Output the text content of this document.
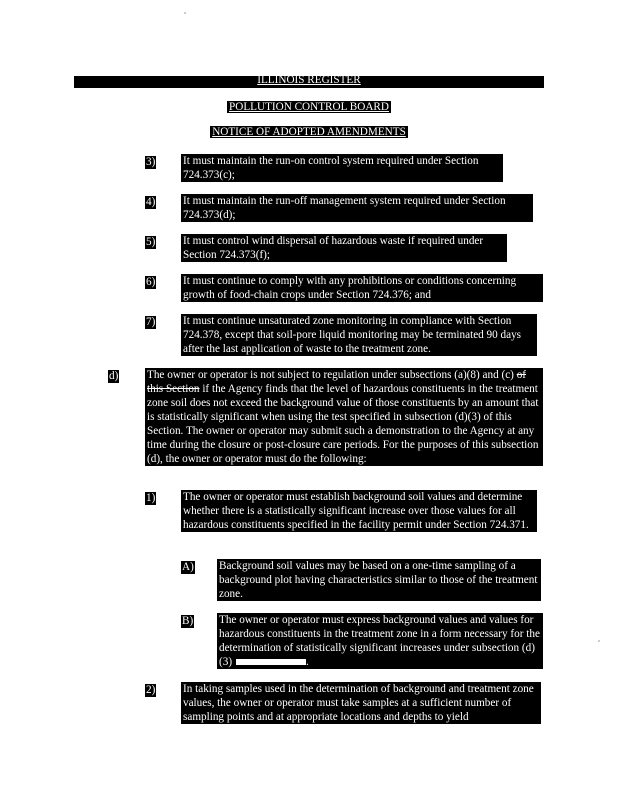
ILLINOIS REGISTER
POLLUTION CONTROL BOARD
NOTICE OF ADOPTED AMENDMENTS
3) It must maintain the run-on control system required under Section 724.373(c);
4) It must maintain the run-off management system required under Section 724.373(d);
5) It must control wind dispersal of hazardous waste if required under Section 724.373(f);
6) It must continue to comply with any prohibitions or conditions concerning growth of food-chain crops under Section 724.376; and
7) It must continue unsaturated zone monitoring in compliance with Section 724.378, except that soil-pore liquid monitoring may be terminated 90 days after the last application of waste to the treatment zone.
d)	The owner or operator is not subject to regulation under subsections (a)(8) and (c) of this Section if the Agency finds that the level of hazardous constituents in the treatment zone soil does not exceed the background value of those constituents by an amount that is statistically significant when using the test specified in subsection (d)(3) of this Section. The owner or operator may submit such a demonstration to the Agency at any time during the closure or post-closure care periods. For the purposes of this subsection (d), the owner or operator must do the following:
1) The owner or operator must establish background soil values and determine whether there is a statistically significant increase over those values for all hazardous constituents specified in the facility permit under Section 724.371.
A) Background soil values may be based on a one-time sampling of a background plot having characteristics similar to those of the treatment zone.
B) The owner or operator must express background values and values for hazardous constituents in the treatment zone in a form necessary for the determination of statistically significant increases under subsection (d)(3)	.
2) In taking samples used in the determination of background and treatment zone values, the owner or operator must take samples at a sufficient number of sampling points and at appropriate locations and depths to yield
